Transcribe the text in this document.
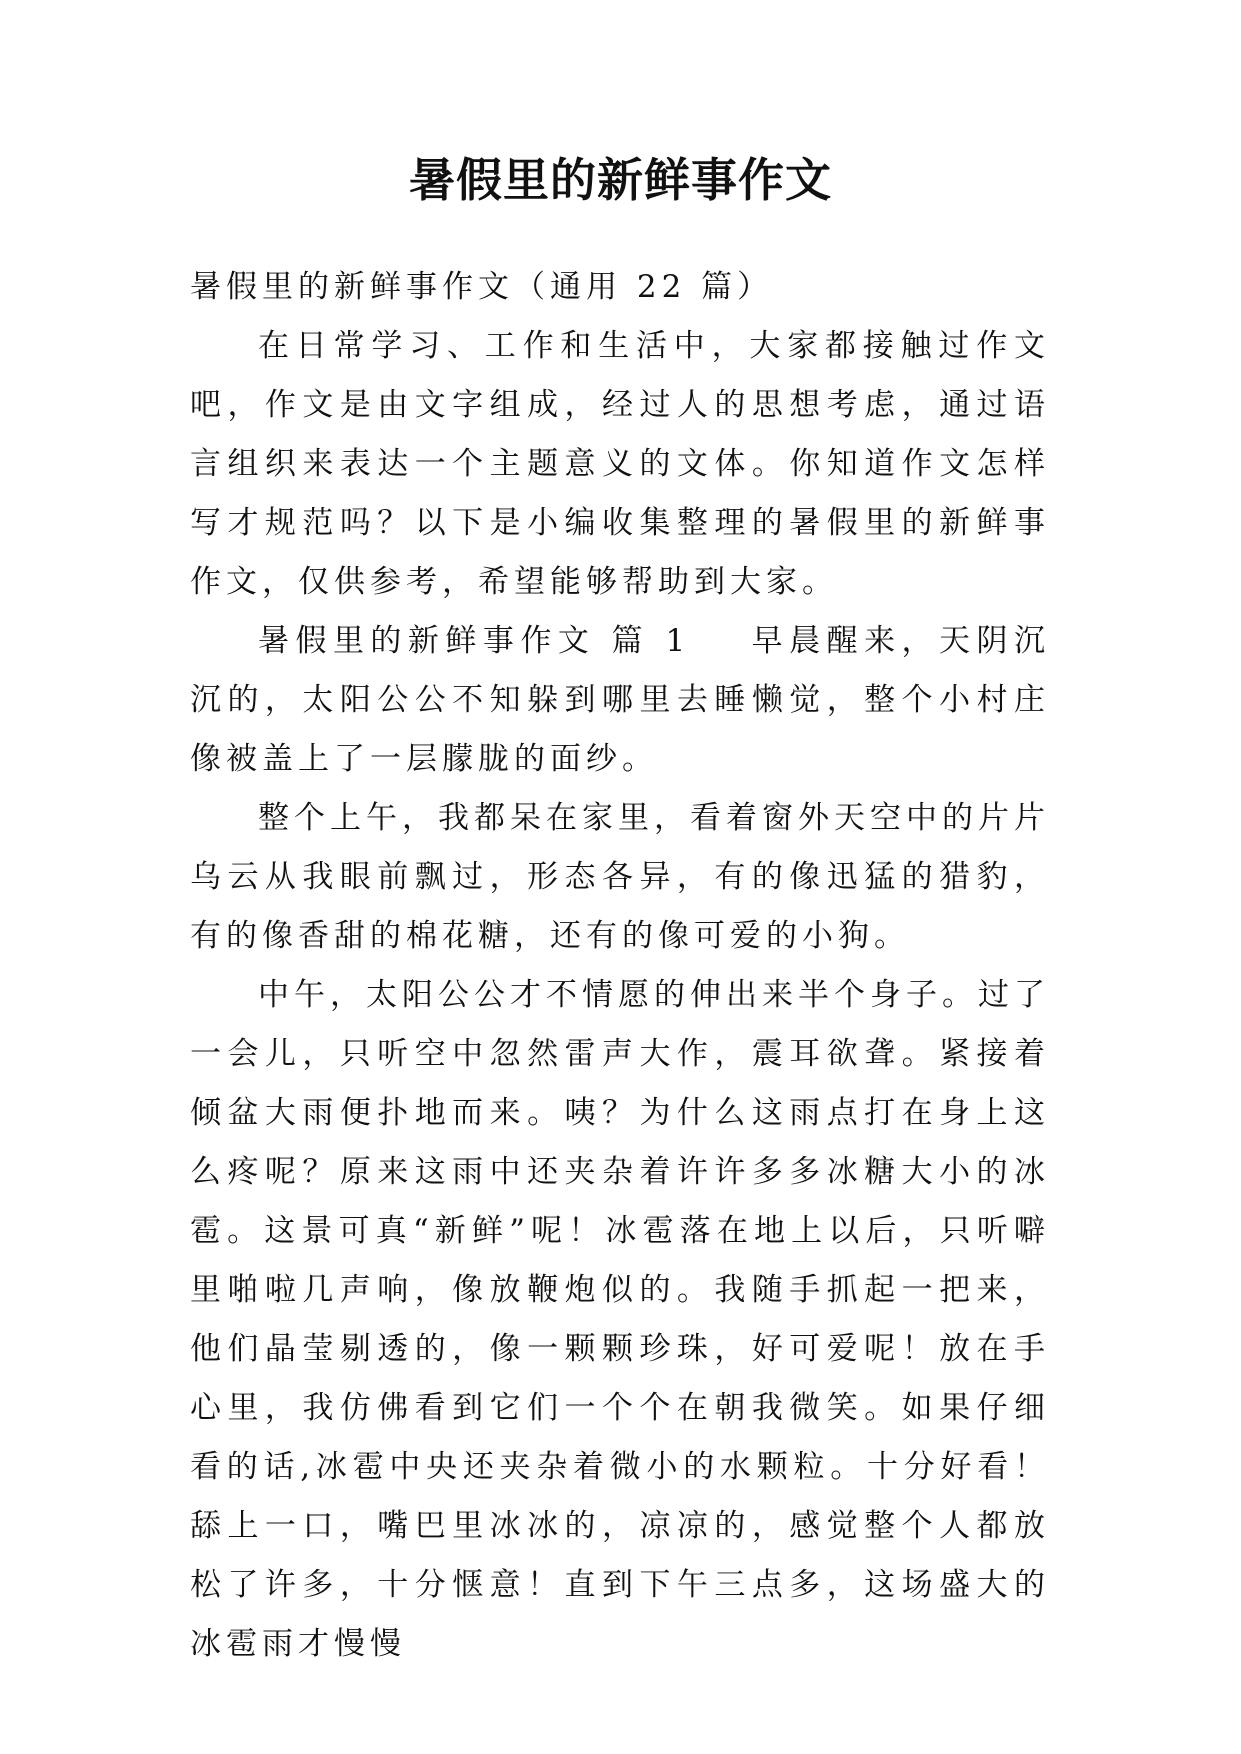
暑假里的新鲜事作文

暑假里的新鲜事作文（通用 22 篇）

在日常学习、工作和生活中，大家都接触过作文吧，作文是由文字组成，经过人的思想考虑，通过语言组织来表达一个主题意义的文体。你知道作文怎样写才规范吗？以下是小编收集整理的暑假里的新鲜事作文，仅供参考，希望能够帮助到大家。

暑假里的新鲜事作文 篇 1 早晨醒来，天阴沉沉的，太阳公公不知躲到哪里去睡懒觉，整个小村庄像被盖上了一层朦胧的面纱。

整个上午，我都呆在家里，看着窗外天空中的片片乌云从我眼前飘过，形态各异，有的像迅猛的猎豹，有的像香甜的棉花糖，还有的像可爱的小狗。

中午，太阳公公才不情愿的伸出来半个身子。过了一会儿，只听空中忽然雷声大作，震耳欲聋。紧接着倾盆大雨便扑地而来。咦？为什么这雨点打在身上这么疼呢？原来这雨中还夹杂着许许多多冰糖大小的冰雹。这景可真“新鲜”呢！冰雹落在地上以后，只听噼里啪啦几声响，像放鞭炮似的。我随手抓起一把来，他们晶莹剔透的，像一颗颗珍珠，好可爱呢！放在手心里，我仿佛看到它们一个个在朝我微笑。如果仔细看的话,冰雹中央还夹杂着微小的水颗粒。十分好看！舔上一口，嘴巴里冰冰的，凉凉的，感觉整个人都放松了许多，十分惬意！直到下午三点多，这场盛大的冰雹雨才慢慢
